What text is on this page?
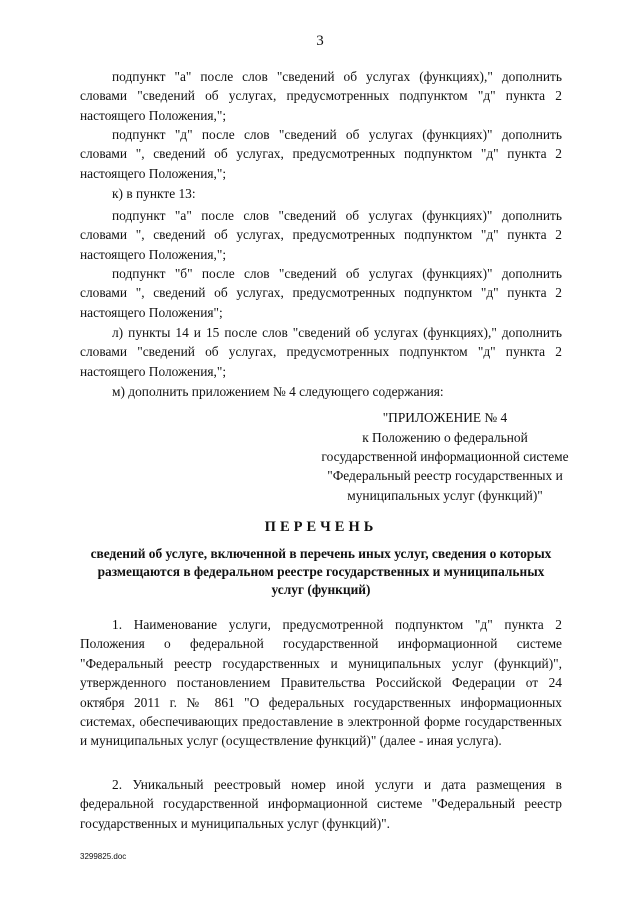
3
подпункт "а" после слов "сведений об услугах (функциях)," дополнить словами "сведений об услугах, предусмотренных подпунктом "д" пункта 2 настоящего Положения,";
подпункт "д" после слов "сведений об услугах (функциях)" дополнить словами ", сведений об услугах, предусмотренных подпунктом "д" пункта 2 настоящего Положения,";
к) в пункте 13:
подпункт "а" после слов "сведений об услугах (функциях)" дополнить словами ", сведений об услугах, предусмотренных подпунктом "д" пункта 2 настоящего Положения,";
подпункт "б" после слов "сведений об услугах (функциях)" дополнить словами ", сведений об услугах, предусмотренных подпунктом "д" пункта 2 настоящего Положения";
л) пункты 14 и 15 после слов "сведений об услугах (функциях)," дополнить словами "сведений об услугах, предусмотренных подпунктом "д" пункта 2 настоящего Положения,";
м) дополнить приложением № 4 следующего содержания:
"ПРИЛОЖЕНИЕ № 4
к Положению о федеральной государственной информационной системе "Федеральный реестр государственных и муниципальных услуг (функций)"
ПЕРЕЧЕНЬ
сведений об услуге, включенной в перечень иных услуг, сведения о которых размещаются в федеральном реестре государственных и муниципальных услуг (функций)
1. Наименование услуги, предусмотренной подпунктом "д" пункта 2 Положения о федеральной государственной информационной системе "Федеральный реестр государственных и муниципальных услуг (функций)", утвержденного постановлением Правительства Российской Федерации от 24 октября 2011 г. № 861 "О федеральных государственных информационных системах, обеспечивающих предоставление в электронной форме государственных и муниципальных услуг (осуществление функций)" (далее - иная услуга).
2. Уникальный реестровый номер иной услуги и дата размещения в федеральной государственной информационной системе "Федеральный реестр государственных и муниципальных услуг (функций)".
3299825.doc
